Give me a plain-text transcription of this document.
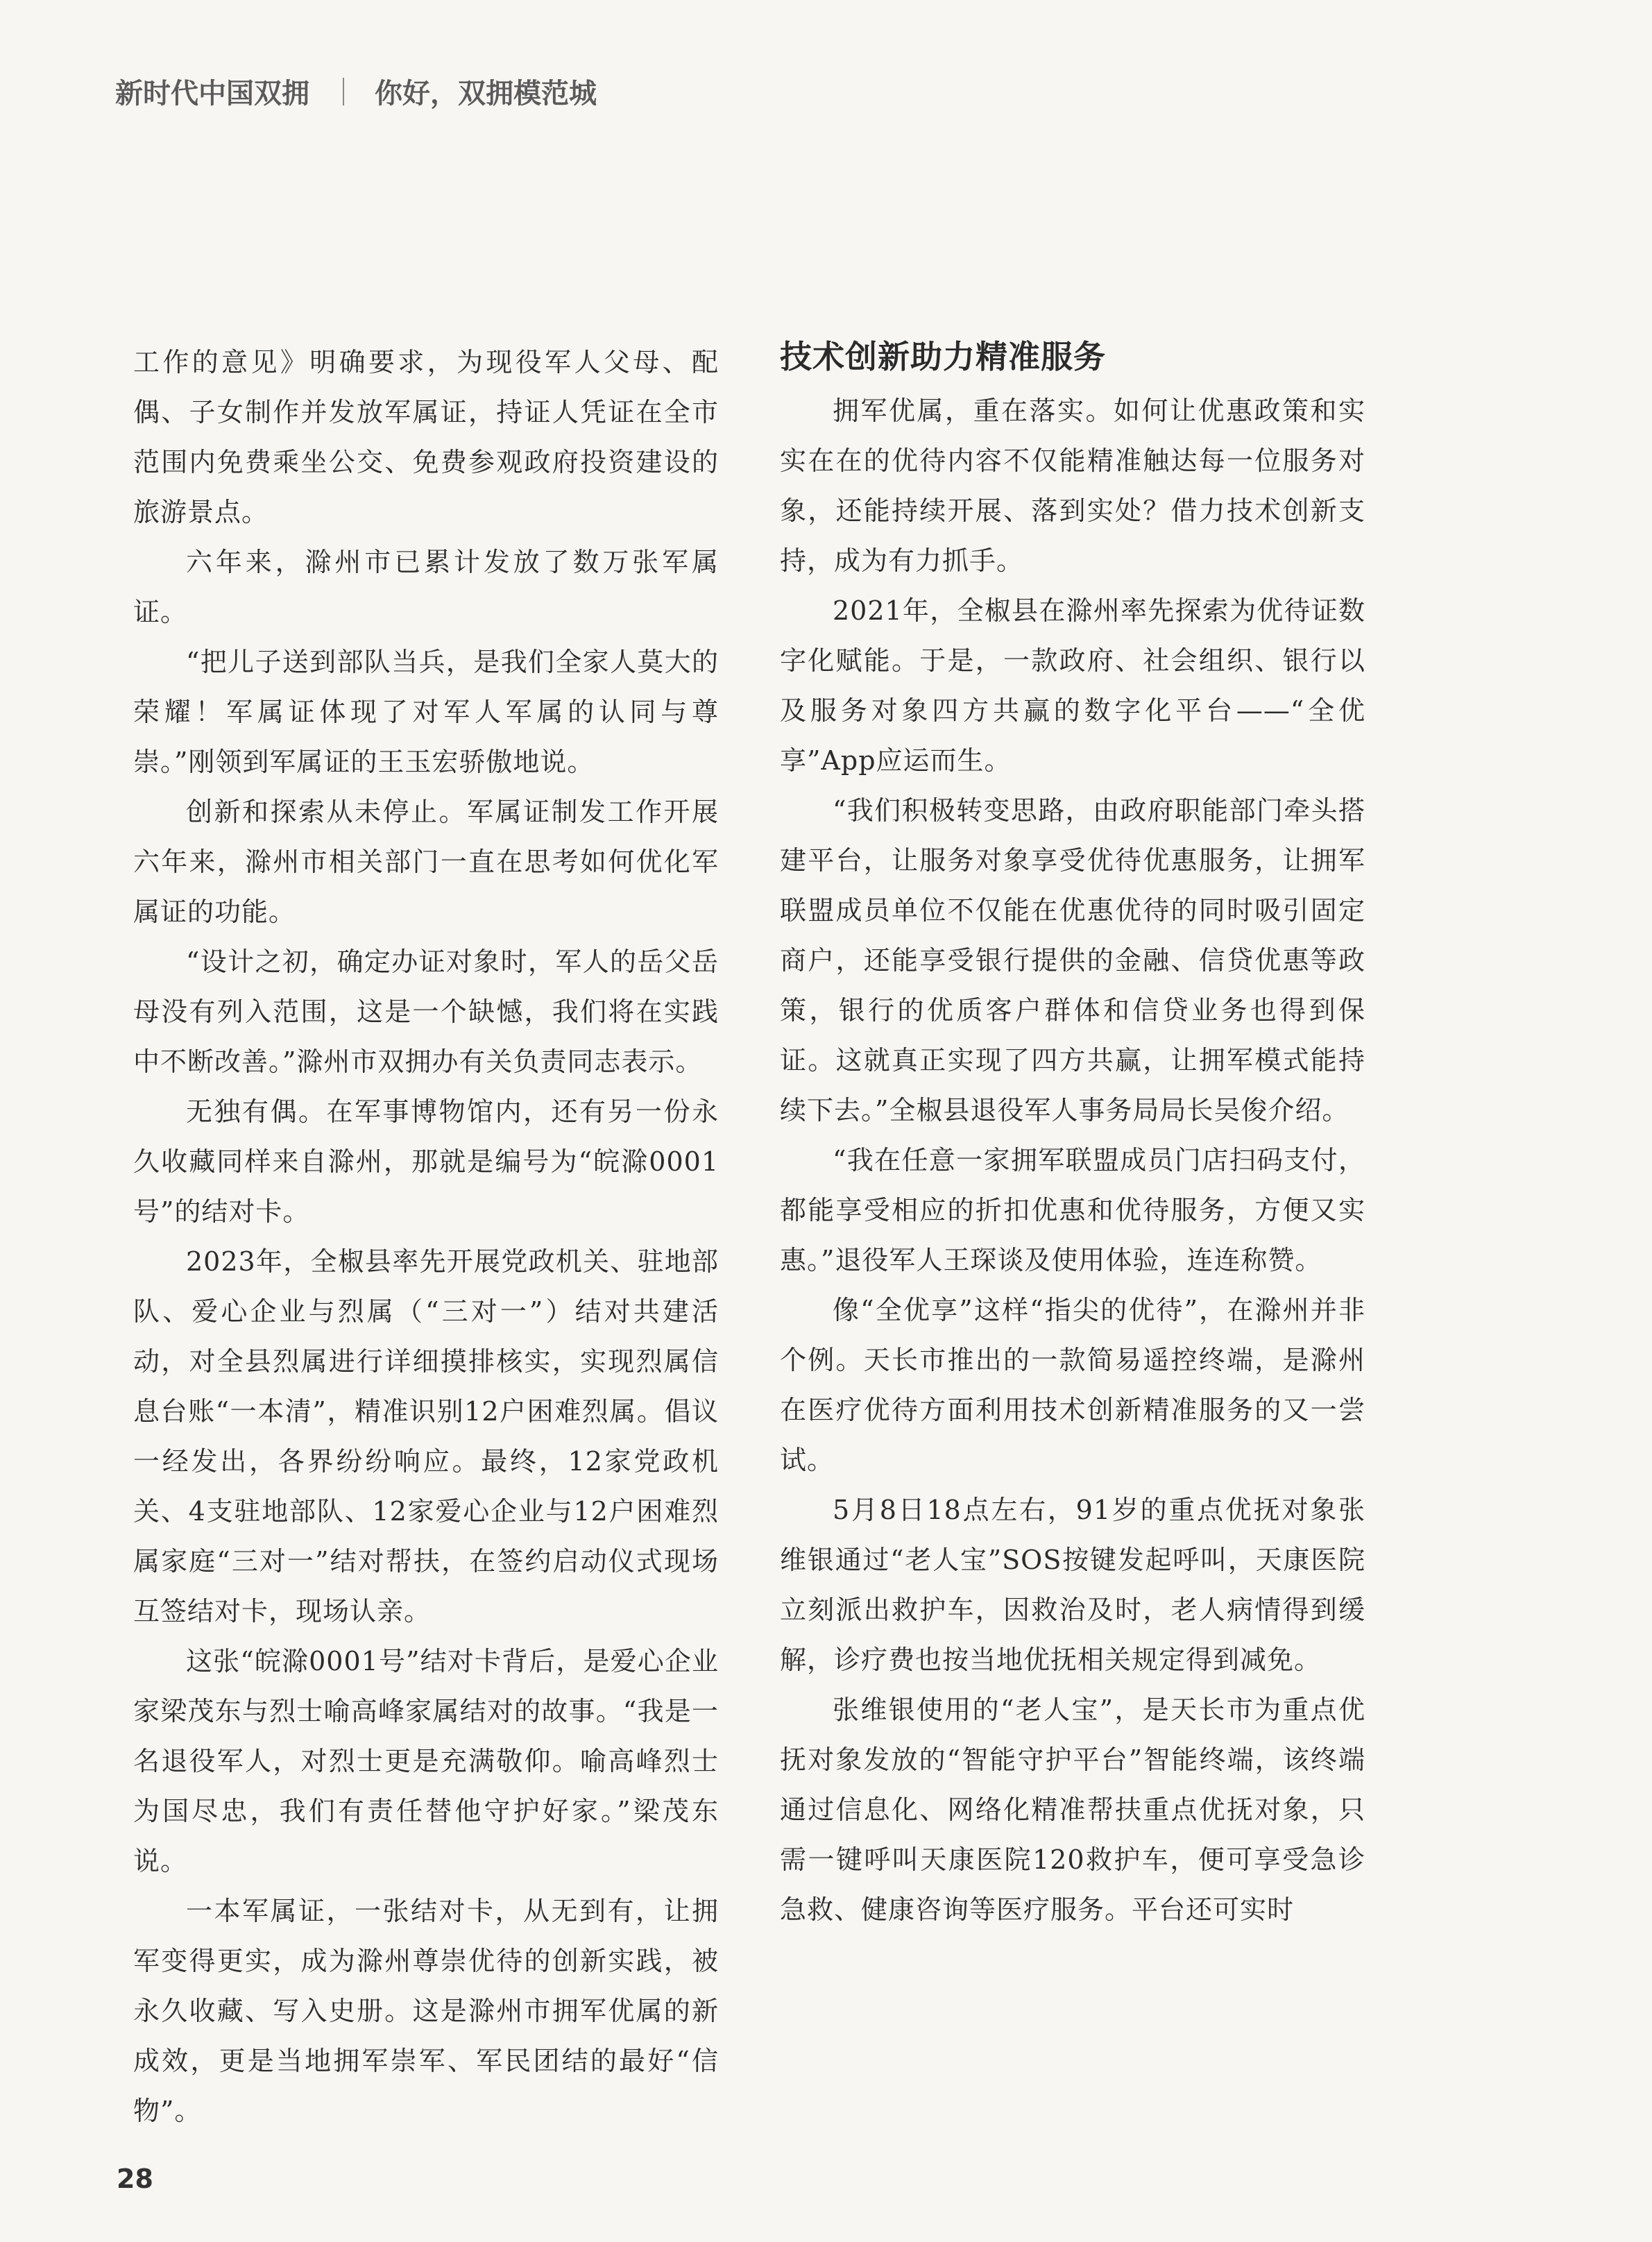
新时代中国双拥 你好，双拥模范城

工作的意见》明确要求，为现役军人父母、配偶、子女制作并发放军属证，持证人凭证在全市范围内免费乘坐公交、免费参观政府投资建设的旅游景点。

六年来，滁州市已累计发放了数万张军属证。

“把儿子送到部队当兵，是我们全家人莫大的荣耀！军属证体现了对军人军属的认同与尊崇。”刚领到军属证的王玉宏骄傲地说。

创新和探索从未停止。军属证制发工作开展六年来，滁州市相关部门一直在思考如何优化军属证的功能。

“设计之初，确定办证对象时，军人的岳父岳母没有列入范围，这是一个缺憾，我们将在实践中不断改善。”滁州市双拥办有关负责同志表示。

无独有偶。在军事博物馆内，还有另一份永久收藏同样来自滁州，那就是编号为“皖滁0001号”的结对卡。

2023年，全椒县率先开展党政机关、驻地部队、爱心企业与烈属（“三对一”）结对共建活动，对全县烈属进行详细摸排核实，实现烈属信息台账“一本清”，精准识别12户困难烈属。倡议一经发出，各界纷纷响应。最终，12家党政机关、4支驻地部队、12家爱心企业与12户困难烈属家庭“三对一”结对帮扶，在签约启动仪式现场互签结对卡，现场认亲。

这张“皖滁0001号”结对卡背后，是爱心企业家梁茂东与烈士喻高峰家属结对的故事。“我是一名退役军人，对烈士更是充满敬仰。喻高峰烈士为国尽忠，我们有责任替他守护好家。”梁茂东说。

一本军属证，一张结对卡，从无到有，让拥军变得更实，成为滁州尊崇优待的创新实践，被永久收藏、写入史册。这是滁州市拥军优属的新成效，更是当地拥军崇军、军民团结的最好“信物”。

技术创新助力精准服务

拥军优属，重在落实。如何让优惠政策和实实在在的优待内容不仅能精准触达每一位服务对象，还能持续开展、落到实处？借力技术创新支持，成为有力抓手。

2021年，全椒县在滁州率先探索为优待证数字化赋能。于是，一款政府、社会组织、银行以及服务对象四方共赢的数字化平台——“全优享”App应运而生。

“我们积极转变思路，由政府职能部门牵头搭建平台，让服务对象享受优待优惠服务，让拥军联盟成员单位不仅能在优惠优待的同时吸引固定商户，还能享受银行提供的金融、信贷优惠等政策，银行的优质客户群体和信贷业务也得到保证。这就真正实现了四方共赢，让拥军模式能持续下去。”全椒县退役军人事务局局长吴俊介绍。

“我在任意一家拥军联盟成员门店扫码支付，都能享受相应的折扣优惠和优待服务，方便又实惠。”退役军人王琛谈及使用体验，连连称赞。

像“全优享”这样“指尖的优待”，在滁州并非个例。天长市推出的一款简易遥控终端，是滁州在医疗优待方面利用技术创新精准服务的又一尝试。

5月8日18点左右，91岁的重点优抚对象张维银通过“老人宝”SOS按键发起呼叫，天康医院立刻派出救护车，因救治及时，老人病情得到缓解，诊疗费也按当地优抚相关规定得到减免。

张维银使用的“老人宝”，是天长市为重点优抚对象发放的“智能守护平台”智能终端，该终端通过信息化、网络化精准帮扶重点优抚对象，只需一键呼叫天康医院120救护车，便可享受急诊急救、健康咨询等医疗服务。平台还可实时

28
